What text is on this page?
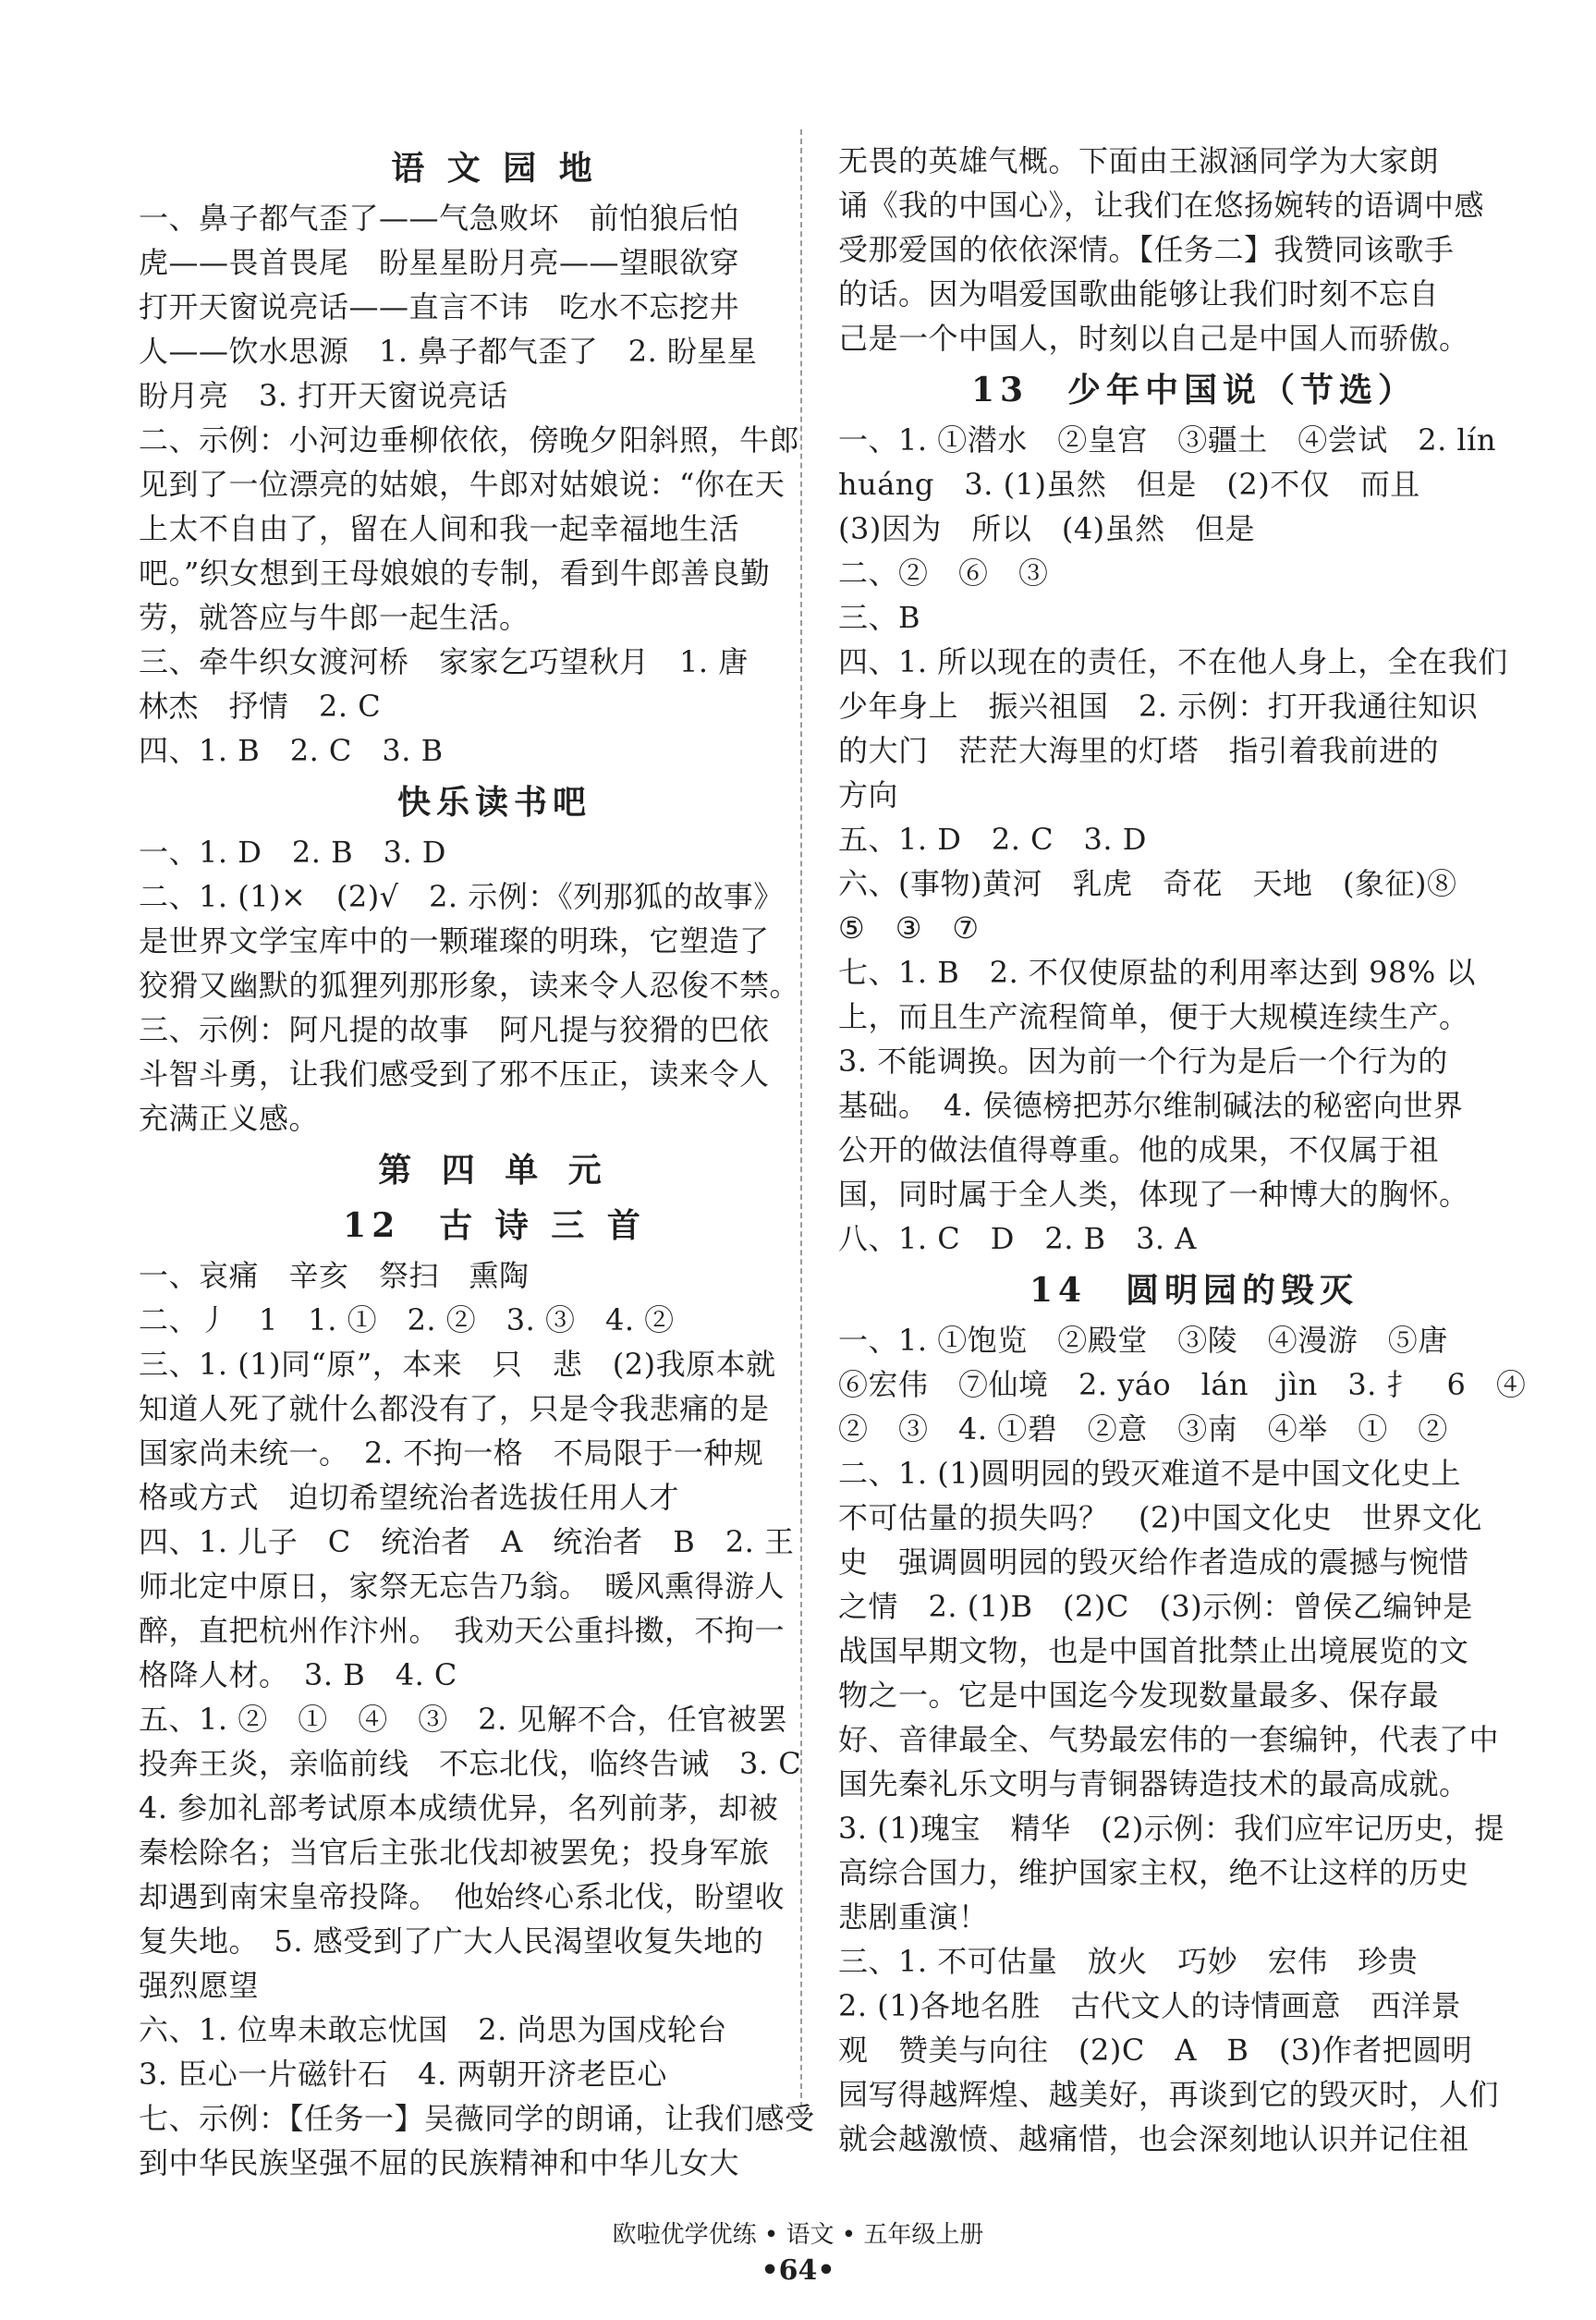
语 文 园 地
一、鼻子都气歪了——气急败坏　前怕狼后怕
虎——畏首畏尾　盼星星盼月亮——望眼欲穿
打开天窗说亮话——直言不讳　吃水不忘挖井
人——饮水思源　1. 鼻子都气歪了　2. 盼星星
盼月亮　3. 打开天窗说亮话
二、示例：小河边垂柳依依，傍晚夕阳斜照，牛郎
见到了一位漂亮的姑娘，牛郎对姑娘说：“你在天
上太不自由了，留在人间和我一起幸福地生活
吧。”织女想到王母娘娘的专制，看到牛郎善良勤
劳，就答应与牛郎一起生活。
三、牵牛织女渡河桥　家家乞巧望秋月　1. 唐
林杰　抒情　2. C
四、1. B　2. C　3. B
快乐读书吧
一、1. D　2. B　3. D
二、1. (1)×　(2)√　2. 示例：《列那狐的故事》
是世界文学宝库中的一颗璀璨的明珠，它塑造了
狡猾又幽默的狐狸列那形象，读来令人忍俊不禁。
三、示例：阿凡提的故事　阿凡提与狡猾的巴依
斗智斗勇，让我们感受到了邪不压正，读来令人
充满正义感。
第 四 单 元
12　古 诗 三 首
一、哀痛　辛亥　祭扫　熏陶
二、丿　1　1. ①　2. ②　3. ③　4. ②
三、1. (1)同“原”，本来　只　悲　(2)我原本就
知道人死了就什么都没有了，只是令我悲痛的是
国家尚未统一。　2. 不拘一格　不局限于一种规
格或方式　迫切希望统治者选拔任用人才
四、1. 儿子　C　统治者　A　统治者　B　2. 王
师北定中原日，家祭无忘告乃翁。　暖风熏得游人
醉，直把杭州作汴州。　我劝天公重抖擞，不拘一
格降人材。　3. B　4. C
五、1. ②　①　④　③　2. 见解不合，任官被罢
投奔王炎，亲临前线　不忘北伐，临终告诫　3. C
4. 参加礼部考试原本成绩优异，名列前茅，却被
秦桧除名；当官后主张北伐却被罢免；投身军旅
却遇到南宋皇帝投降。　他始终心系北伐，盼望收
复失地。　5. 感受到了广大人民渴望收复失地的
强烈愿望
六、1. 位卑未敢忘忧国　2. 尚思为国戍轮台
3. 臣心一片磁针石　4. 两朝开济老臣心
七、示例：【任务一】吴薇同学的朗诵，让我们感受
到中华民族坚强不屈的民族精神和中华儿女大
无畏的英雄气概。下面由王淑涵同学为大家朗
诵《我的中国心》，让我们在悠扬婉转的语调中感
受那爱国的依依深情。【任务二】我赞同该歌手
的话。因为唱爱国歌曲能够让我们时刻不忘自
己是一个中国人，时刻以自己是中国人而骄傲。
13　少年中国说（节选）
一、1. ①潜水　②皇宫　③疆土　④尝试　2. lín
huáng　3. (1)虽然　但是　(2)不仅　而且
(3)因为　所以　(4)虽然　但是
二、②　⑥　③
三、B
四、1. 所以现在的责任，不在他人身上，全在我们
少年身上　振兴祖国　2. 示例：打开我通往知识
的大门　茫茫大海里的灯塔　指引着我前进的
方向
五、1. D　2. C　3. D
六、(事物)黄河　乳虎　奇花　天地　(象征)⑧
⑤　③　⑦
七、1. B　2. 不仅使原盐的利用率达到 98% 以
上，而且生产流程简单，便于大规模连续生产。
3. 不能调换。因为前一个行为是后一个行为的
基础。　4. 侯德榜把苏尔维制碱法的秘密向世界
公开的做法值得尊重。他的成果，不仅属于祖
国，同时属于全人类，体现了一种博大的胸怀。
八、1. C　D　2. B　3. A
14　圆明园的毁灭
一、1. ①饱览　②殿堂　③陵　④漫游　⑤唐
⑥宏伟　⑦仙境　2. yáo　lán　jìn　3. 扌　6　④
②　③　4. ①碧　②意　③南　④举　①　②
二、1. (1)圆明园的毁灭难道不是中国文化史上
不可估量的损失吗？　(2)中国文化史　世界文化
史　强调圆明园的毁灭给作者造成的震撼与惋惜
之情　2. (1)B　(2)C　(3)示例：曾侯乙编钟是
战国早期文物，也是中国首批禁止出境展览的文
物之一。它是中国迄今发现数量最多、保存最
好、音律最全、气势最宏伟的一套编钟，代表了中
国先秦礼乐文明与青铜器铸造技术的最高成就。
3. (1)瑰宝　精华　(2)示例：我们应牢记历史，提
高综合国力，维护国家主权，绝不让这样的历史
悲剧重演！
三、1. 不可估量　放火　巧妙　宏伟　珍贵
2. (1)各地名胜　古代文人的诗情画意　西洋景
观　赞美与向往　(2)C　A　B　(3)作者把圆明
园写得越辉煌、越美好，再谈到它的毁灭时，人们
就会越激愤、越痛惜，也会深刻地认识并记住祖
欧啦优学优练 • 语文 • 五年级上册
•64•
